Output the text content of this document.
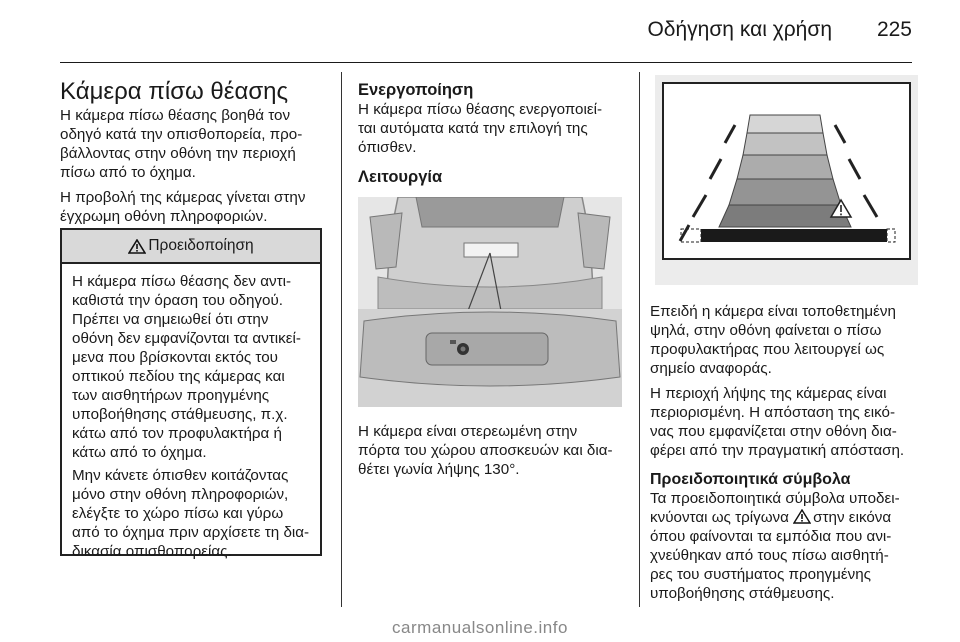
Οδήγηση και χρήση 225
Κάμερα πίσω θέασης

Η κάμερα πίσω θέασης βοηθά τον
οδηγό κατά την οπισθοπορεία, προ-
βάλλοντας στην οθόνη την περιοχή
πίσω από το όχημα.

Η προβολή της κάμερας γίνεται στην
έγχρωμη οθόνη πληροφοριών.

Προειδοποίηση

Η κάμερα πίσω θέασης δεν αντι-
καθιστά την όραση του οδηγού.
Πρέπει να σημειωθεί ότι στην
οθόνη δεν εμφανίζονται τα αντικεί-
μενα που βρίσκονται εκτός του
οπτικού πεδίου της κάμερας και
των αισθητήρων προηγμένης
υποβοήθησης στάθμευσης, π.χ.
κάτω από τον προφυλακτήρα ή
κάτω από το όχημα.

Μην κάνετε όπισθεν κοιτάζοντας
μόνο στην οθόνη πληροφοριών,
ελέγξτε το χώρο πίσω και γύρω
από το όχημα πριν αρχίσετε τη δια-
δικασία οπισθοπορείας.

Ενεργοποίηση

Η κάμερα πίσω θέασης ενεργοποιεί-
ται αυτόματα κατά την επιλογή της
όπισθεν.

Λειτουργία
Η κάμερα είναι στερεωμένη στην
πόρτα του χώρου αποσκευών και δια-
θέτει γωνία λήψης 130°.

Επειδή η κάμερα είναι τοποθετημένη
ψηλά, στην οθόνη φαίνεται ο πίσω
προφυλακτήρας που λειτουργεί ως
σημείο αναφοράς.

Η περιοχή λήψης της κάμερας είναι
περιορισμένη. Η απόσταση της εικό-
νας που εμφανίζεται στην οθόνη δια-
φέρει από την πραγματική απόσταση.

Προειδοποιητικά σύμβολα

Τα προειδοποιητικά σύμβολα υποδει-
κνύονται ως τρίγωνα στην εικόνα
όπου φαίνονται τα εμπόδια που ανι-
χνεύθηκαν από τους πίσω αισθητή-
ρες του συστήματος προηγμένης
υποβοήθησης στάθμευσης.

carmanualsonline.info
